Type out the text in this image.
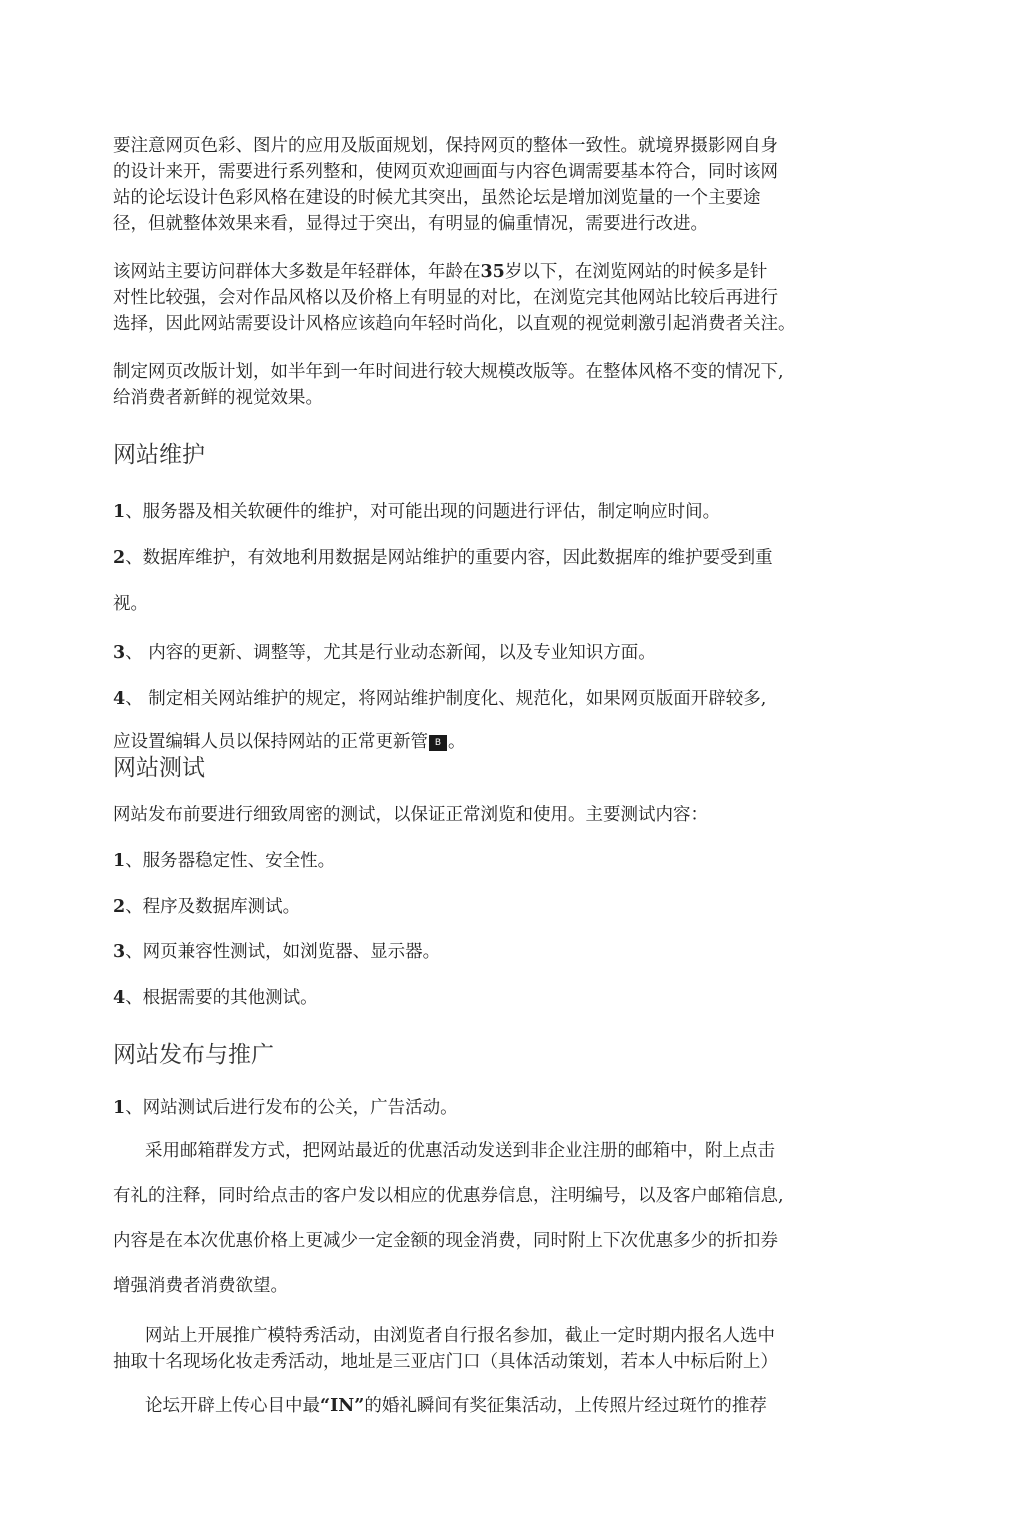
要注意网页色彩、图片的应用及版面规划，保持网页的整体一致性。就境界摄影网自身
的设计来开，需要进行系列整和，使网页欢迎画面与内容色调需要基本符合，同时该网
站的论坛设计色彩风格在建设的时候尤其突出，虽然论坛是增加浏览量的一个主要途
径，但就整体效果来看，显得过于突出，有明显的偏重情况，需要进行改进。
该网站主要访问群体大多数是年轻群体，年龄在35岁以下，在浏览网站的时候多是针
对性比较强，会对作品风格以及价格上有明显的对比，在浏览完其他网站比较后再进行
选择，因此网站需要设计风格应该趋向年轻时尚化，以直观的视觉刺激引起消费者关注。
制定网页改版计划，如半年到一年时间进行较大规模改版等。在整体风格不变的情况下,
给消费者新鲜的视觉效果。
网站维护
1、服务器及相关软硬件的维护，对可能出现的问题进行评估，制定响应时间。
2、数据库维护，有效地利用数据是网站维护的重要内容，因此数据库的维护要受到重
视。
3、 内容的更新、调整等，尤其是行业动态新闻，以及专业知识方面。
4、 制定相关网站维护的规定，将网站维护制度化、规范化，如果网页版面开辟较多,
应设置编辑人员以保持网站的正常更新管 B 。
网站测试
网站发布前要进行细致周密的测试，以保证正常浏览和使用。主要测试内容：
1、服务器稳定性、安全性。
2、程序及数据库测试。
3、网页兼容性测试，如浏览器、显示器。
4、根据需要的其他测试。
网站发布与推广
1、网站测试后进行发布的公关，广告活动。
采用邮箱群发方式，把网站最近的优惠活动发送到非企业注册的邮箱中，附上点击
有礼的注释，同时给点击的客户发以相应的优惠券信息，注明编号，以及客户邮箱信息,
内容是在本次优惠价格上更减少一定金额的现金消费，同时附上下次优惠多少的折扣券
增强消费者消费欲望。
网站上开展推广模特秀活动，由浏览者自行报名参加，截止一定时期内报名人选中
抽取十名现场化妆走秀活动，地址是三亚店门口（具体活动策划，若本人中标后附上）
论坛开辟上传心目中最“IN”的婚礼瞬间有奖征集活动，上传照片经过斑竹的推荐
